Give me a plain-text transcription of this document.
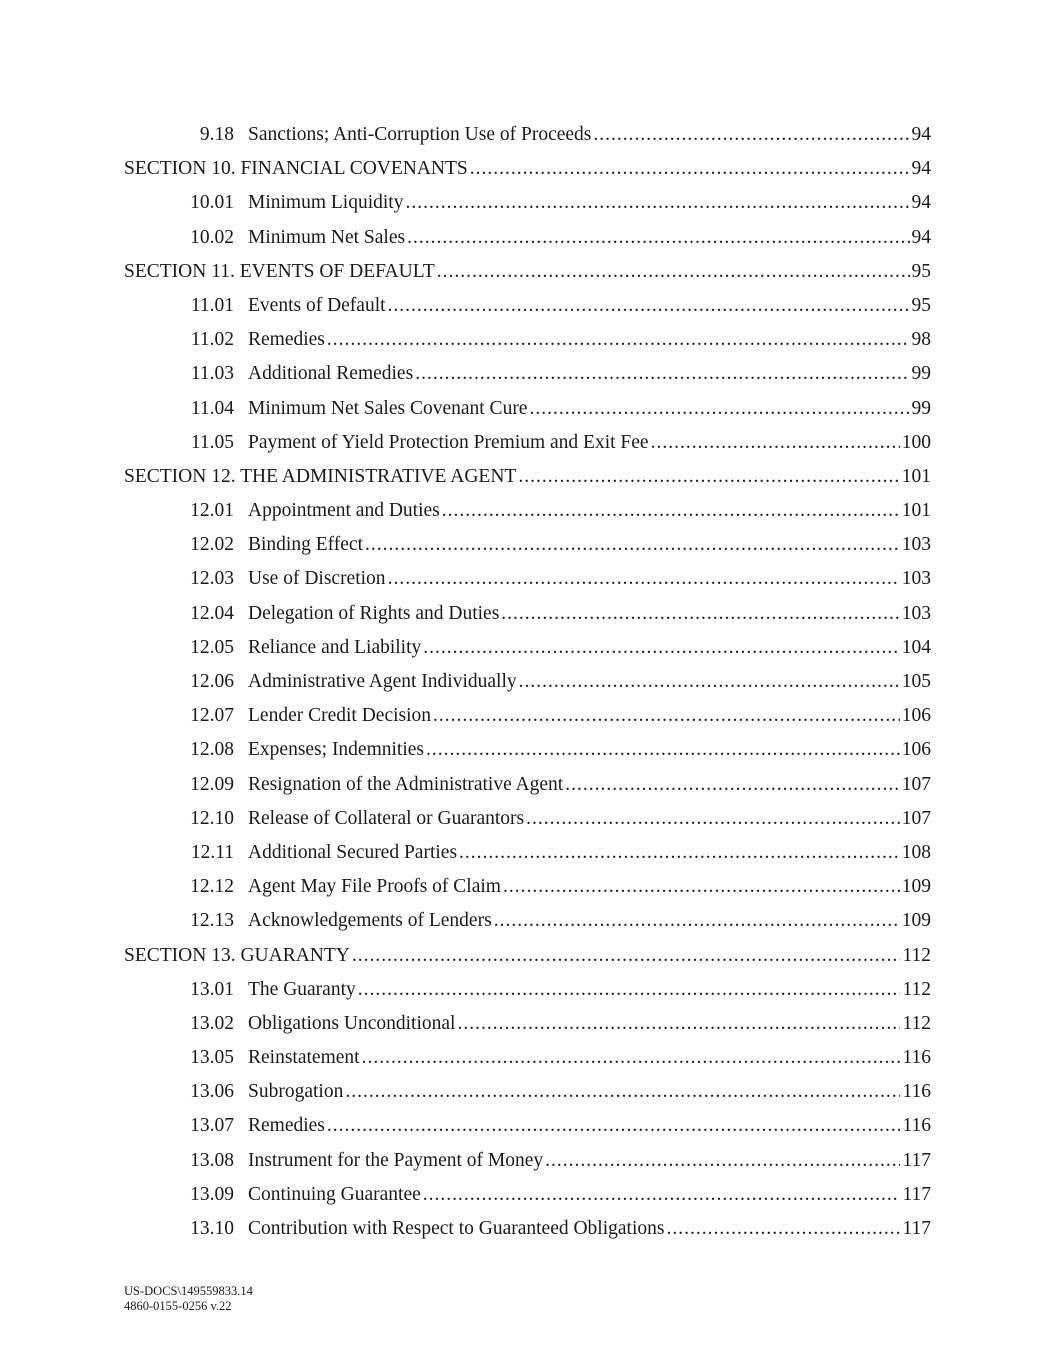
9.18 Sanctions; Anti-Corruption Use of Proceeds .....	94
SECTION 10. FINANCIAL COVENANTS .....	94
10.01 Minimum Liquidity .....	94
10.02 Minimum Net Sales .....	94
SECTION 11. EVENTS OF DEFAULT .....	95
11.01 Events of Default .....	95
11.02 Remedies .....	98
11.03 Additional Remedies .....	99
11.04 Minimum Net Sales Covenant Cure .....	99
11.05 Payment of Yield Protection Premium and Exit Fee .....	100
SECTION 12. THE ADMINISTRATIVE AGENT .....	101
12.01 Appointment and Duties .....	101
12.02 Binding Effect .....	103
12.03 Use of Discretion .....	103
12.04 Delegation of Rights and Duties .....	103
12.05 Reliance and Liability .....	104
12.06 Administrative Agent Individually .....	105
12.07 Lender Credit Decision .....	106
12.08 Expenses; Indemnities .....	106
12.09 Resignation of the Administrative Agent .....	107
12.10 Release of Collateral or Guarantors .....	107
12.11 Additional Secured Parties .....	108
12.12 Agent May File Proofs of Claim .....	109
12.13 Acknowledgements of Lenders .....	109
SECTION 13. GUARANTY .....	112
13.01 The Guaranty .....	112
13.02 Obligations Unconditional .....	112
13.05 Reinstatement .....	116
13.06 Subrogation .....	116
13.07 Remedies .....	116
13.08 Instrument for the Payment of Money .....	117
13.09 Continuing Guarantee .....	117
13.10 Contribution with Respect to Guaranteed Obligations .....	117
US-DOCS\149559833.14
4860-0155-0256 v.22
